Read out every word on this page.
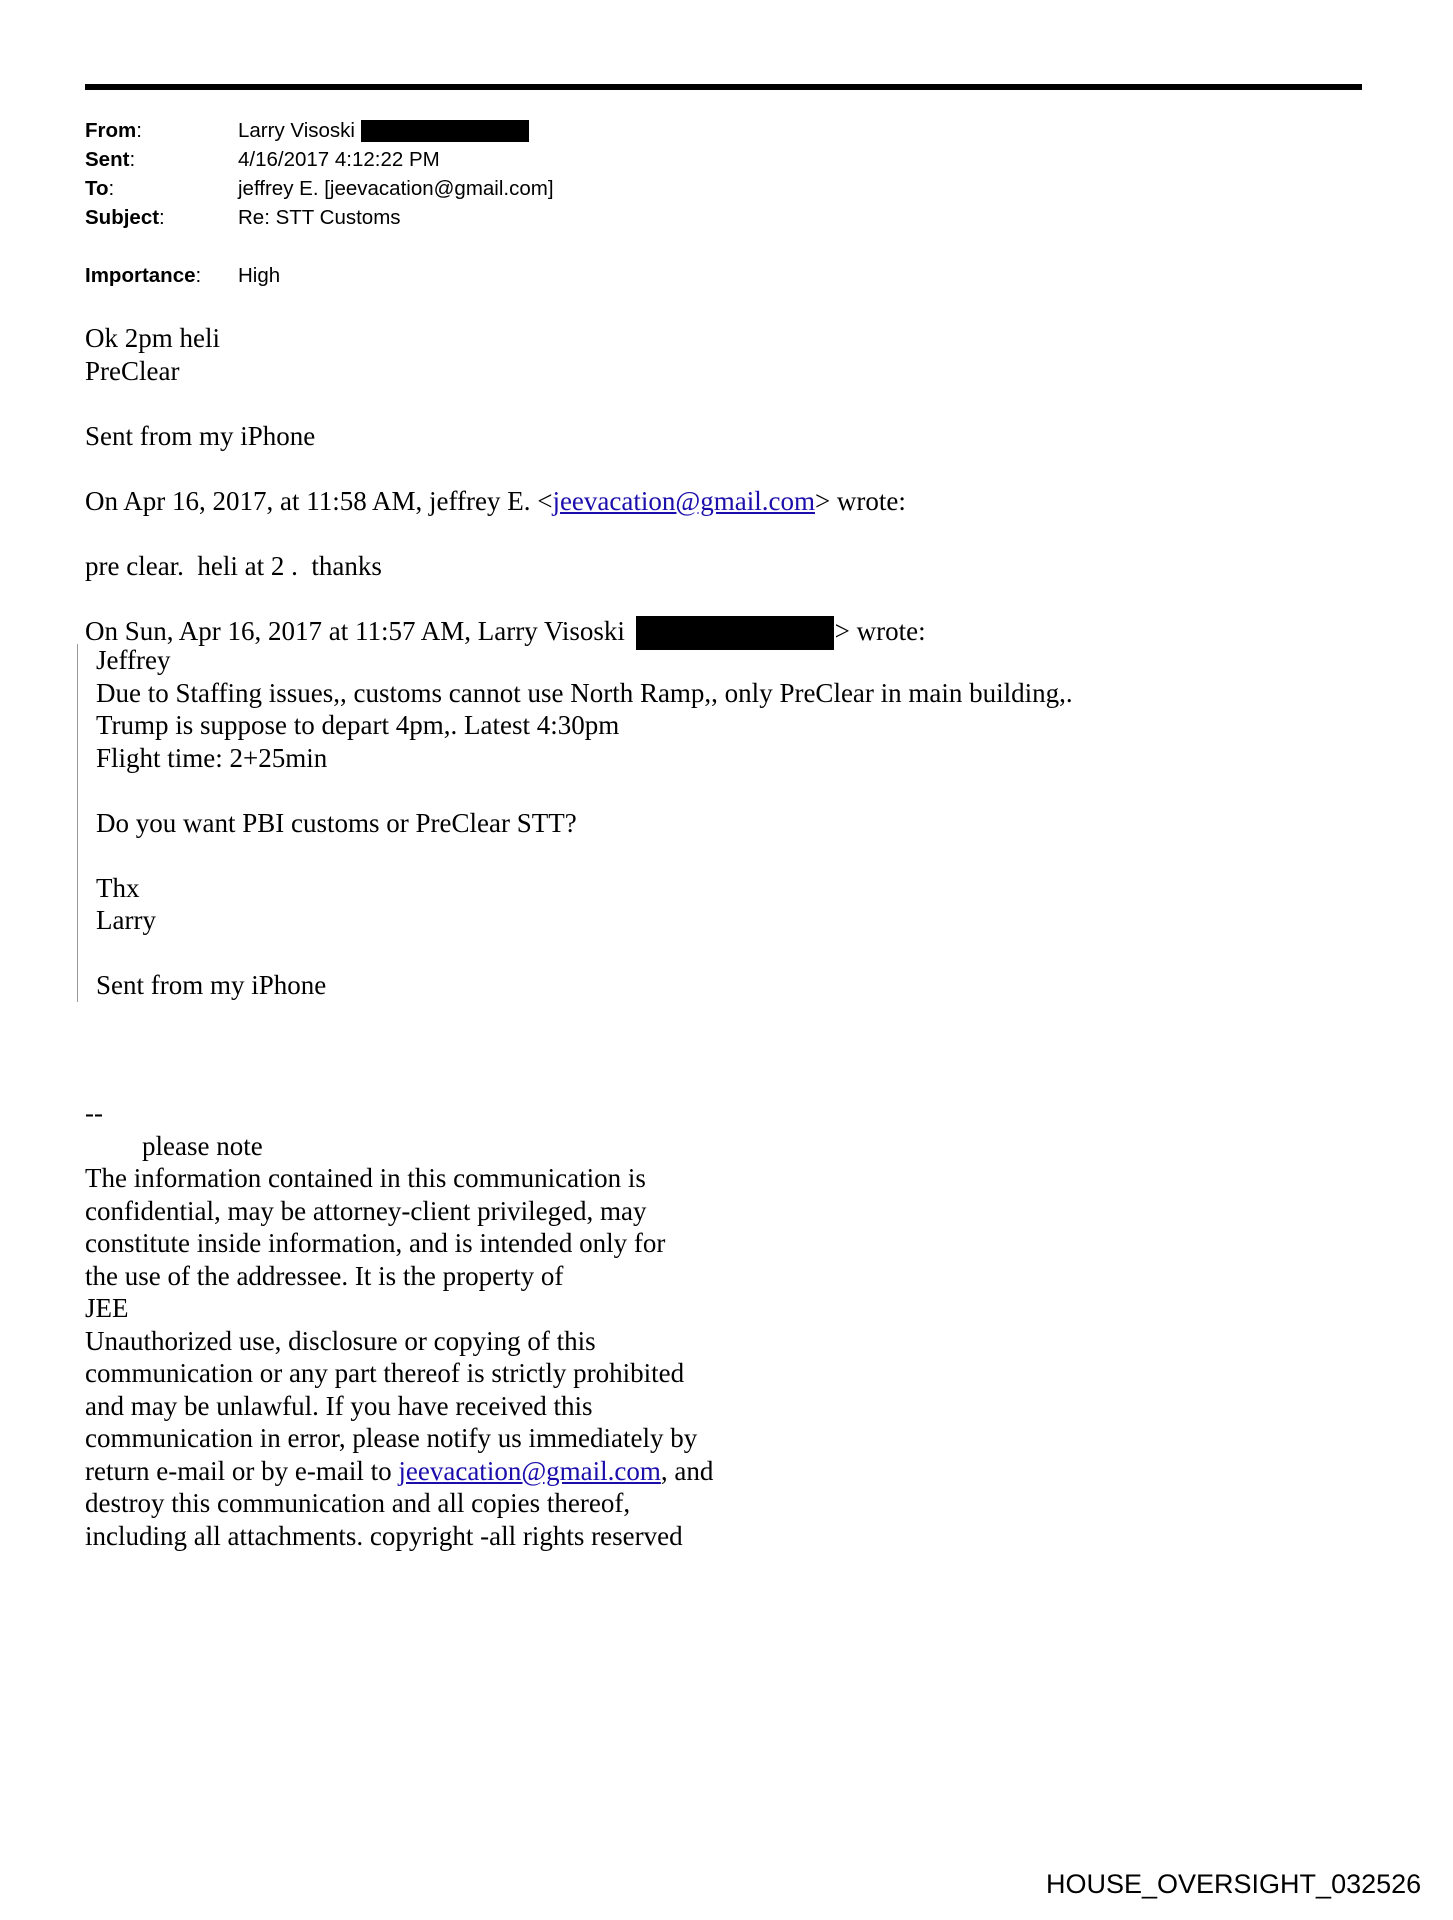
From:	Larry Visoski
Sent:	4/16/2017 4:12:22 PM
To:	jeffrey E. [jeevacation@gmail.com]
Subject:	Re: STT Customs
Importance:	High
Ok 2pm heli
PreClear
Sent from my iPhone
On Apr 16, 2017, at 11:58 AM, jeffrey E. <jeevacation@gmail.com> wrote:
pre clear.  heli at 2 .  thanks
On Sun, Apr 16, 2017 at 11:57 AM, Larry Visoski	> wrote:
Jeffrey
Due to Staffing issues,, customs cannot use North Ramp,, only PreClear in main building,.
Trump is suppose to depart 4pm,. Latest 4:30pm
Flight time: 2+25min
Do you want PBI customs or PreClear STT?
Thx
Larry
Sent from my iPhone
--
please note
The information contained in this communication is
confidential, may be attorney-client privileged, may
constitute inside information, and is intended only for
the use of the addressee. It is the property of
JEE
Unauthorized use, disclosure or copying of this
communication or any part thereof is strictly prohibited
and may be unlawful. If you have received this
communication in error, please notify us immediately by
return e-mail or by e-mail to jeevacation@gmail.com, and
destroy this communication and all copies thereof,
including all attachments. copyright -all rights reserved
HOUSE_OVERSIGHT_032526
